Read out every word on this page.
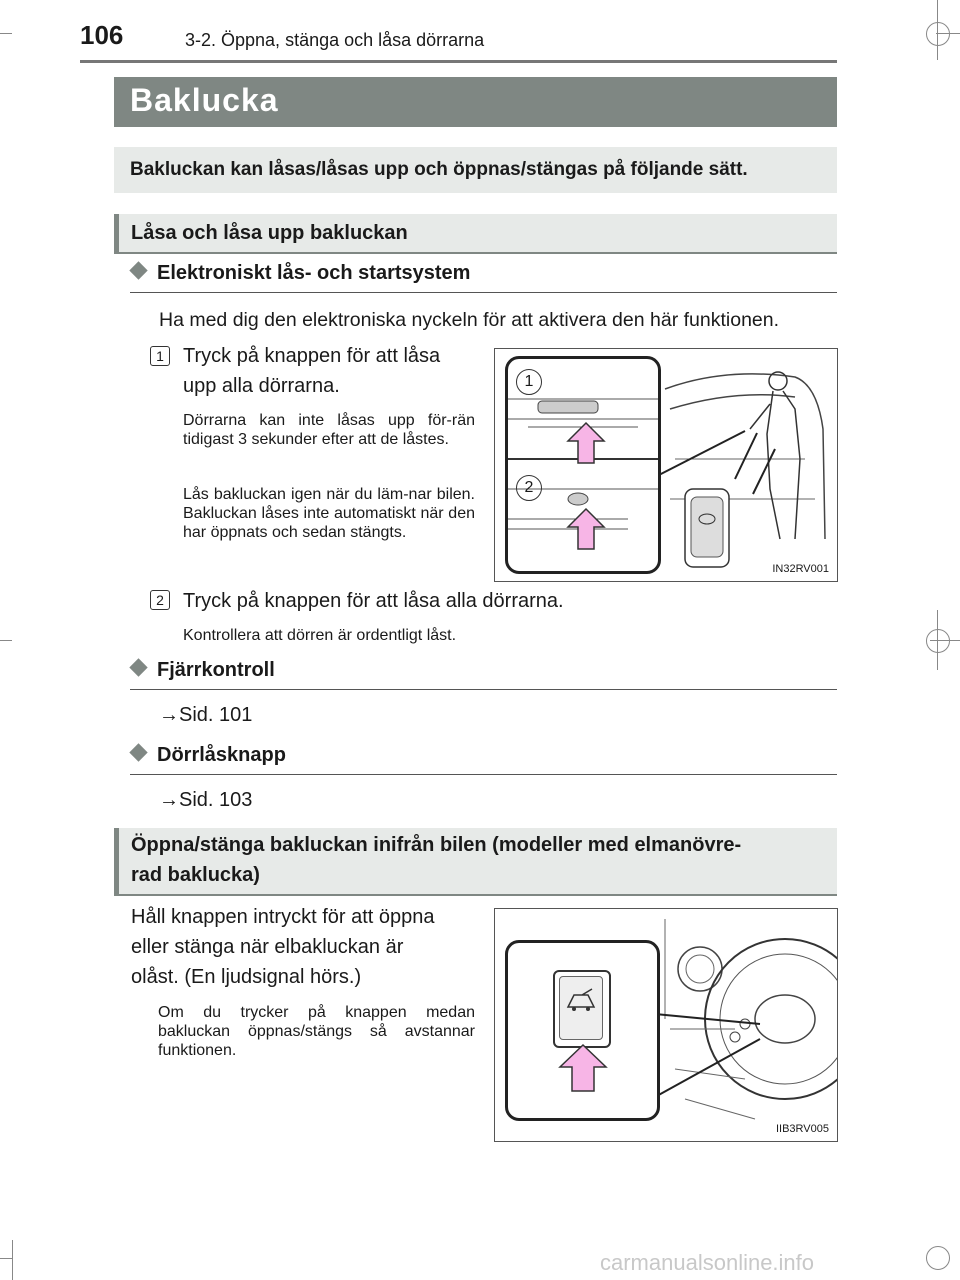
106	3-2. Öppna, stänga och låsa dörrarna
Baklucka
Bakluckan kan låsas/låsas upp och öppnas/stängas på följande sätt.
Låsa och låsa upp bakluckan
Elektroniskt lås- och startsystem
Ha med dig den elektroniska nyckeln för att aktivera den här funktionen.
1 Tryck på knappen för att låsa
upp alla dörrarna.
Dörrarna kan inte låsas upp för-rän tidigast 3 sekunder efter att de låstes.
Lås bakluckan igen när du läm-nar bilen. Bakluckan låses inte automatiskt när den har öppnats och sedan stängts.
1
2
IN32RV001
2 Tryck på knappen för att låsa alla dörrarna.
Kontrollera att dörren är ordentligt låst.
Fjärrkontroll
→Sid. 101
Dörrlåsknapp
→Sid. 103
Öppna/stänga bakluckan inifrån bilen (modeller med elmanövre-
rad baklucka)
Håll knappen intryckt för att öppna
eller stänga när elbakluckan är
olåst. (En ljudsignal hörs.)
Om du trycker på knappen medan bakluckan öppnas/stängs så avstannar funktionen.
IIB3RV005
carmanualsonline.info
